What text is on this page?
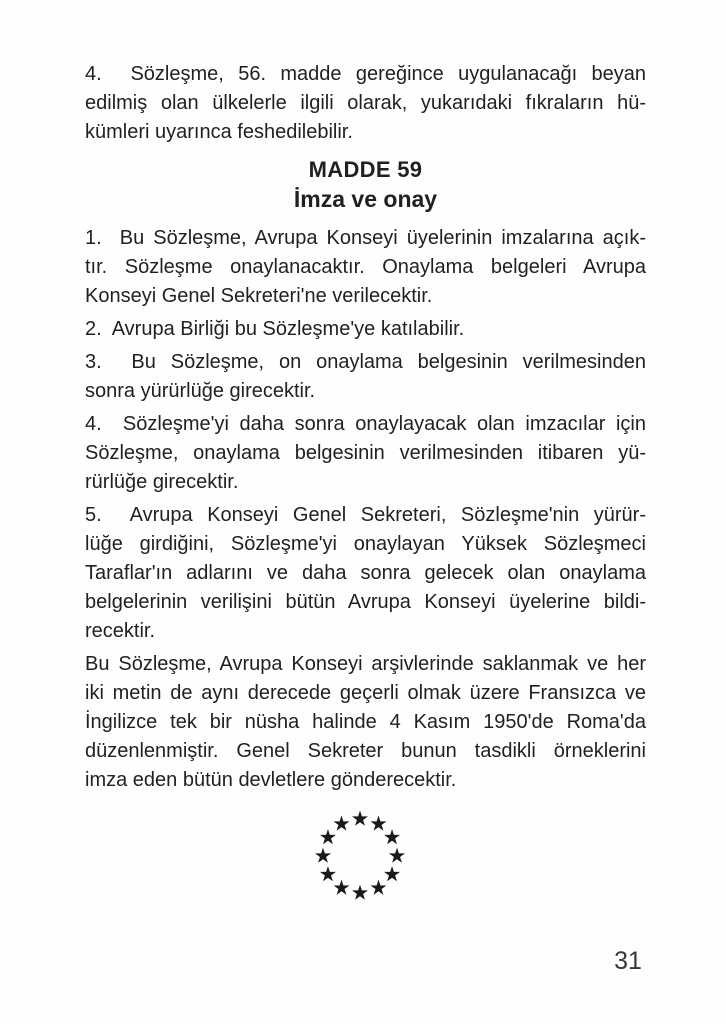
4.  Sözleşme, 56. madde gereğince uygulanacağı beyan
edilmiş olan ülkelerle ilgili olarak, yukarıdaki fıkraların hü-
kümleri uyarınca feshedilebilir.
MADDE 59
İmza ve onay
1.  Bu Sözleşme, Avrupa Konseyi üyelerinin imzalarına açık-
tır. Sözleşme onaylanacaktır. Onaylama belgeleri Avrupa
Konseyi Genel Sekreteri'ne verilecektir.
2.  Avrupa Birliği bu Sözleşme'ye katılabilir.
3.  Bu Sözleşme, on onaylama belgesinin verilmesinden
sonra yürürlüğe girecektir.
4.  Sözleşme'yi daha sonra onaylayacak olan imzacılar için
Sözleşme, onaylama belgesinin verilmesinden itibaren yü-
rürlüğe girecektir.
5.  Avrupa Konseyi Genel Sekreteri, Sözleşme'nin yürür-
lüğe girdiğini, Sözleşme'yi onaylayan Yüksek Sözleşmeci
Taraflar'ın adlarını ve daha sonra gelecek olan onaylama
belgelerinin verilişini bütün Avrupa Konseyi üyelerine bildi-
recektir.
Bu Sözleşme, Avrupa Konseyi arşivlerinde saklanmak ve her
iki metin de aynı derecede geçerli olmak üzere Fransızca ve
İngilizce tek bir nüsha halinde 4 Kasım 1950'de Roma'da
düzenlenmiştir. Genel Sekreter bunun tasdikli örneklerini
imza eden bütün devletlere gönderecektir.
31
